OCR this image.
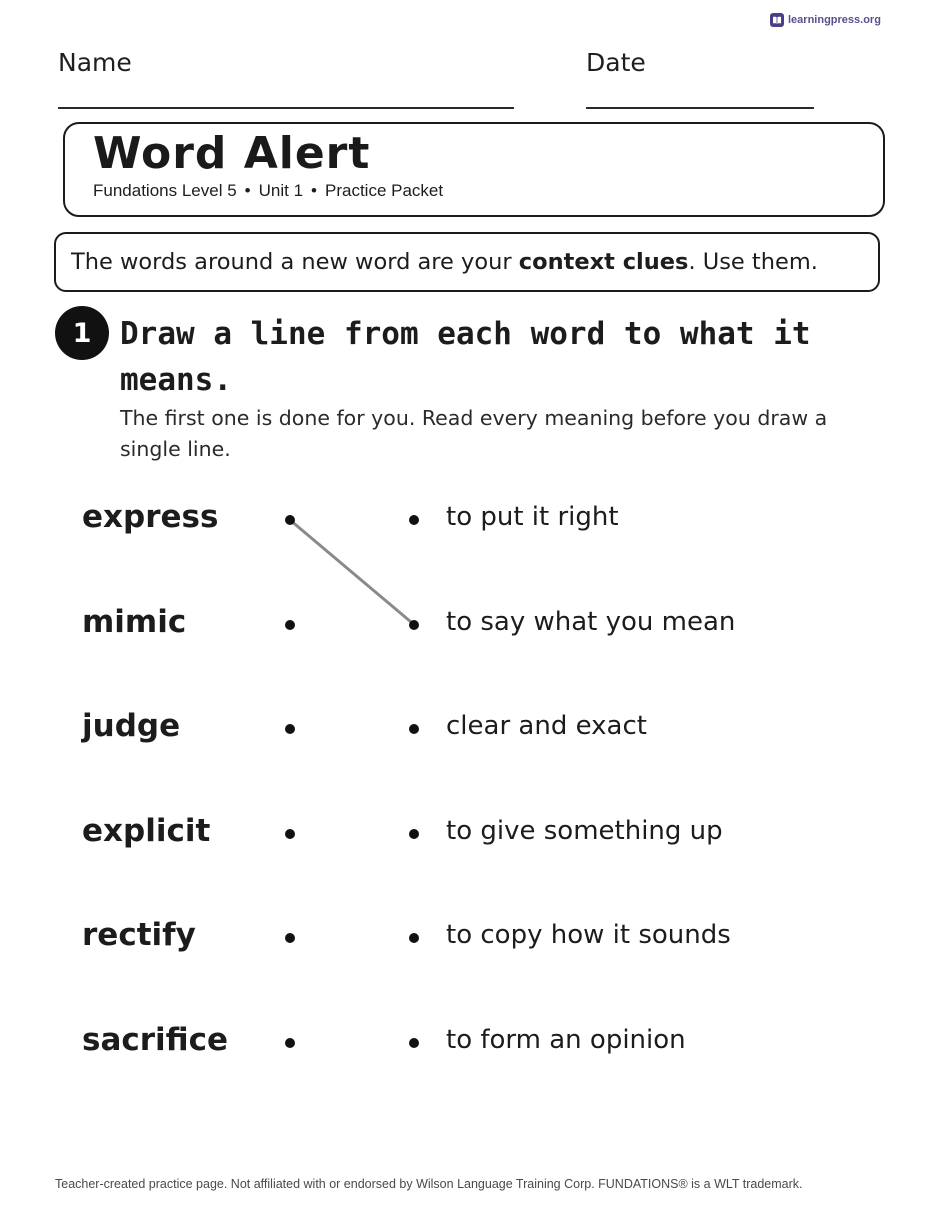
learningpress.org
Name	Date
Word Alert
Fundations Level 5 • Unit 1 • Practice Packet
The words around a new word are your context clues . Use them.
1 Draw a line from each word to what it means.
The first one is done for you. Read every meaning before you draw a single line.
express	to put it right
mimic	to say what you mean
judge	clear and exact
explicit	to give something up
rectify	to copy how it sounds
sacrifice	to form an opinion
Teacher-created practice page. Not affiliated with or endorsed by Wilson Language Training Corp. FUNDATIONS® is a WLT trademark.
